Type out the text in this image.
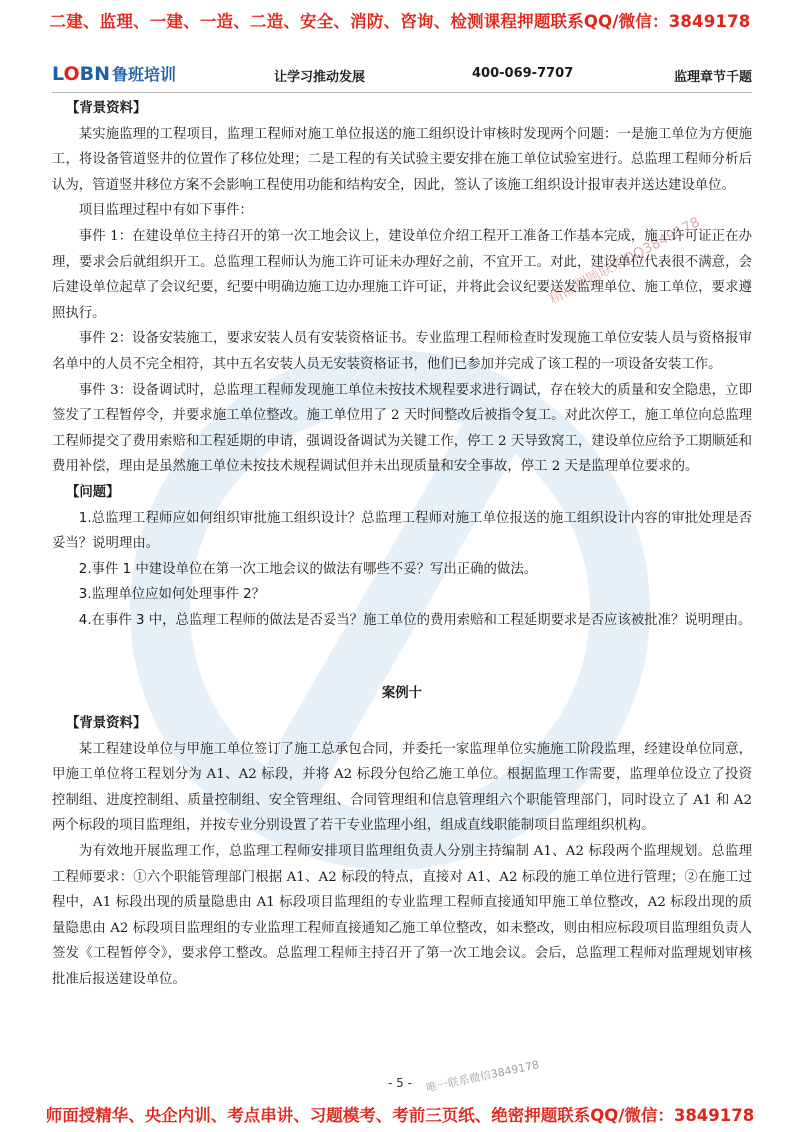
二建、监理、一建、一造、二造、安全、消防、咨询、检测课程押题联系QQ/微信：3849178
LOBN 鲁班培训	让学习推动发展	400-069-7707	监理章节千题
精品押题联系QQ3849178

【背景资料】

某实施监理的工程项目，监理工程师对施工单位报送的施工组织设计审核时发现两个问题：一是施工单位为方便施工，将设备管道竖井的位置作了移位处理；二是工程的有关试验主要安排在施工单位试验室进行。总监理工程师分析后认为，管道竖井移位方案不会影响工程使用功能和结构安全，因此，签认了该施工组织设计报审表并送达建设单位。

项目监理过程中有如下事件：

事件 1：在建设单位主持召开的第一次工地会议上，建设单位介绍工程开工准备工作基本完成，施工许可证正在办理，要求会后就组织开工。总监理工程师认为施工许可证未办理好之前，不宜开工。对此，建设单位代表很不满意，会后建设单位起草了会议纪要，纪要中明确边施工边办理施工许可证，并将此会议纪要送发监理单位、施工单位，要求遵照执行。

事件 2：设备安装施工，要求安装人员有安装资格证书。专业监理工程师检查时发现施工单位安装人员与资格报审名单中的人员不完全相符，其中五名安装人员无安装资格证书，他们已参加并完成了该工程的一项设备安装工作。

事件 3：设备调试时，总监理工程师发现施工单位未按技术规程要求进行调试，存在较大的质量和安全隐患，立即签发了工程暂停令，并要求施工单位整改。施工单位用了 2 天时间整改后被指令复工。对此次停工，施工单位向总监理工程师提交了费用索赔和工程延期的申请，强调设备调试为关键工作，停工 2 天导致窝工，建设单位应给予工期顺延和费用补偿，理由是虽然施工单位未按技术规程调试但并未出现质量和安全事故，停工 2 天是监理单位要求的。

【问题】

1.总监理工程师应如何组织审批施工组织设计？总监理工程师对施工单位报送的施工组织设计内容的审批处理是否妥当？说明理由。

2.事件 1 中建设单位在第一次工地会议的做法有哪些不妥？写出正确的做法。

3.监理单位应如何处理事件 2？

4.在事件 3 中，总监理工程师的做法是否妥当？施工单位的费用索赔和工程延期要求是否应该被批准？说明理由。

案例十

【背景资料】

某工程建设单位与甲施工单位签订了施工总承包合同，并委托一家监理单位实施施工阶段监理，经建设单位同意，甲施工单位将工程划分为 A1、A2 标段，并将 A2 标段分包给乙施工单位。根据监理工作需要，监理单位设立了投资控制组、进度控制组、质量控制组、安全管理组、合同管理组和信息管理组六个职能管理部门，同时设立了 A1 和 A2 两个标段的项目监理组，并按专业分别设置了若干专业监理小组，组成直线职能制项目监理组织机构。

为有效地开展监理工作，总监理工程师安排项目监理组负责人分别主持编制 A1、A2 标段两个监理规划。总监理工程师要求：①六个职能管理部门根据 A1、A2 标段的特点，直接对 A1、A2 标段的施工单位进行管理；②在施工过程中，A1 标段出现的质量隐患由 A1 标段项目监理组的专业监理工程师直接通知甲施工单位整改，A2 标段出现的质量隐患由 A2 标段项目监理组的专业监理工程师直接通知乙施工单位整改，如未整改，则由相应标段项目监理组负责人签发《工程暂停令》，要求停工整改。总监理工程师主持召开了第一次工地会议。会后，总监理工程师对监理规划审核批准后报送建设单位。

- 5 -	唯一联系微信3849178
师面授精华、央企内训、考点串讲、习题模考、考前三页纸、绝密押题联系QQ/微信：3849178
